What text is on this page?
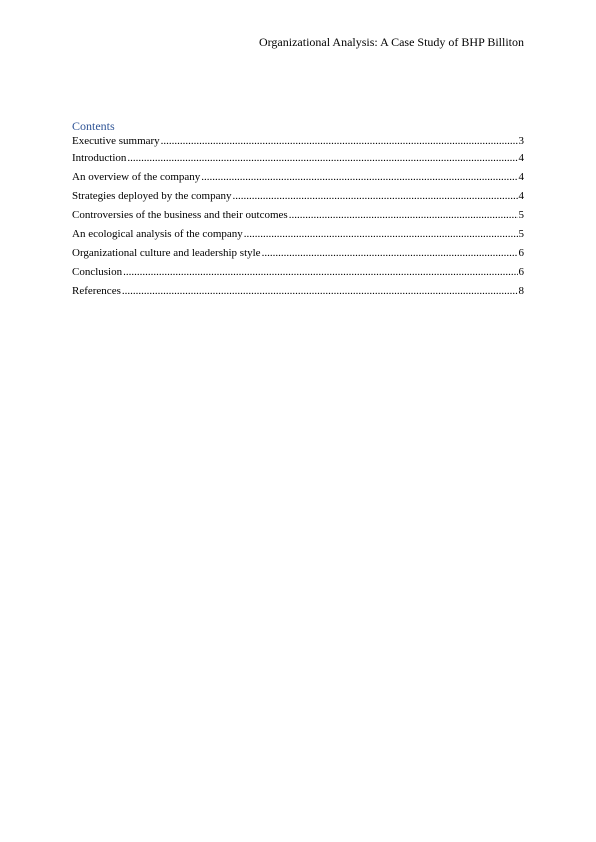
Organizational Analysis: A Case Study of BHP Billiton
Contents
Executive summary .....	3
Introduction .....	4
An overview of the company .....	4
Strategies deployed by the company .....	4
Controversies of the business and their outcomes .....	5
An ecological analysis of the company .....	5
Organizational culture and leadership style .....	6
Conclusion .....	6
References .....	8
